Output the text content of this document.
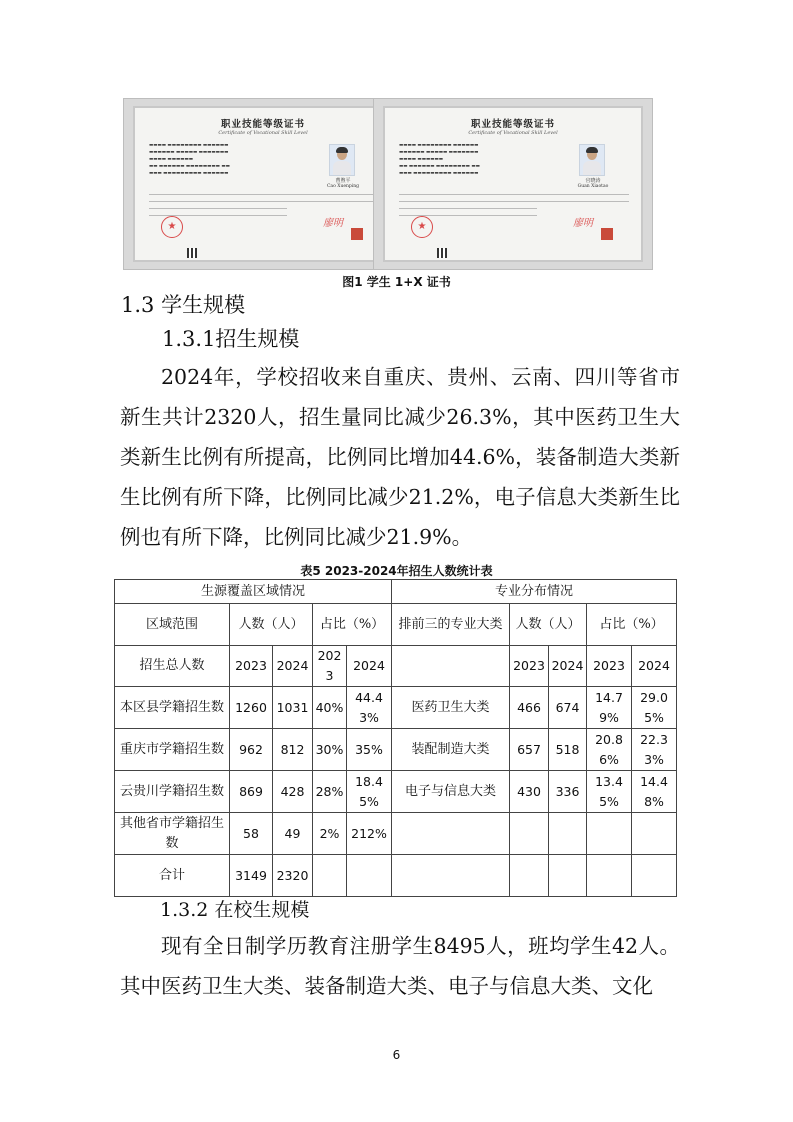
职业技能等级证书
Certificate of Vocational Skill Level
▬▬▬▬ ▬▬▬▬▬▬▬▬ ▬▬▬▬▬▬
▬▬▬▬▬▬ ▬▬▬▬▬ ▬▬▬▬▬▬▬
▬▬▬▬ ▬▬▬▬▬▬
▬▬ ▬▬▬▬▬▬ ▬▬▬▬▬▬▬▬ ▬▬
▬▬▬ ▬▬▬▬▬▬▬▬▬ ▬▬▬▬▬▬
曹煦平
Cao Xuenping
★	廖明
职业技能等级证书
Certificate of Vocational Skill Level
▬▬▬▬ ▬▬▬▬▬▬▬▬ ▬▬▬▬▬▬
▬▬▬▬▬▬ ▬▬▬▬▬ ▬▬▬▬▬▬▬
▬▬▬▬ ▬▬▬▬▬▬
▬▬ ▬▬▬▬▬▬ ▬▬▬▬▬▬▬▬ ▬▬
▬▬▬ ▬▬▬▬▬▬▬▬▬ ▬▬▬▬▬▬
官晓涛
Guan Xiaotao
★	廖明
图1 学生 1+X 证书
1.3 学生规模
1.3.1招生规模
2024年，学校招收来自重庆、贵州、云南、四川等省市新生共计2320人，招生量同比减少26.3%，其中医药卫生大类新生比例有所提高，比例同比增加44.6%，装备制造大类新生比例有所下降，比例同比减少21.2%，电子信息大类新生比例也有所下降，比例同比减少21.9%。
表5 2023-2024年招生人数统计表
生源覆盖区域情况					专业分布情况				
区域范围	人数（人）		占比（%）		排前三的专业大类	人数（人）		占比（%）	
招生总人数	2023	2024	2023	2024		2023	2024	2023	2024
本区县学籍招生数	1260	1031	40%	44.43%	医药卫生大类	466	674	14.79%	29.05%
重庆市学籍招生数	962	812	30%	35%	装配制造大类	657	518	20.86%	22.33%
云贵川学籍招生数	869	428	28%	18.45%	电子与信息大类	430	336	13.45%	14.48%
其他省市学籍招生数	58	49	2%	212%					
合计	3149	2320							
1.3.2 在校生规模
现有全日制学历教育注册学生8495人，班均学生42人。其中医药卫生大类、装备制造大类、电子与信息大类、文化
6
